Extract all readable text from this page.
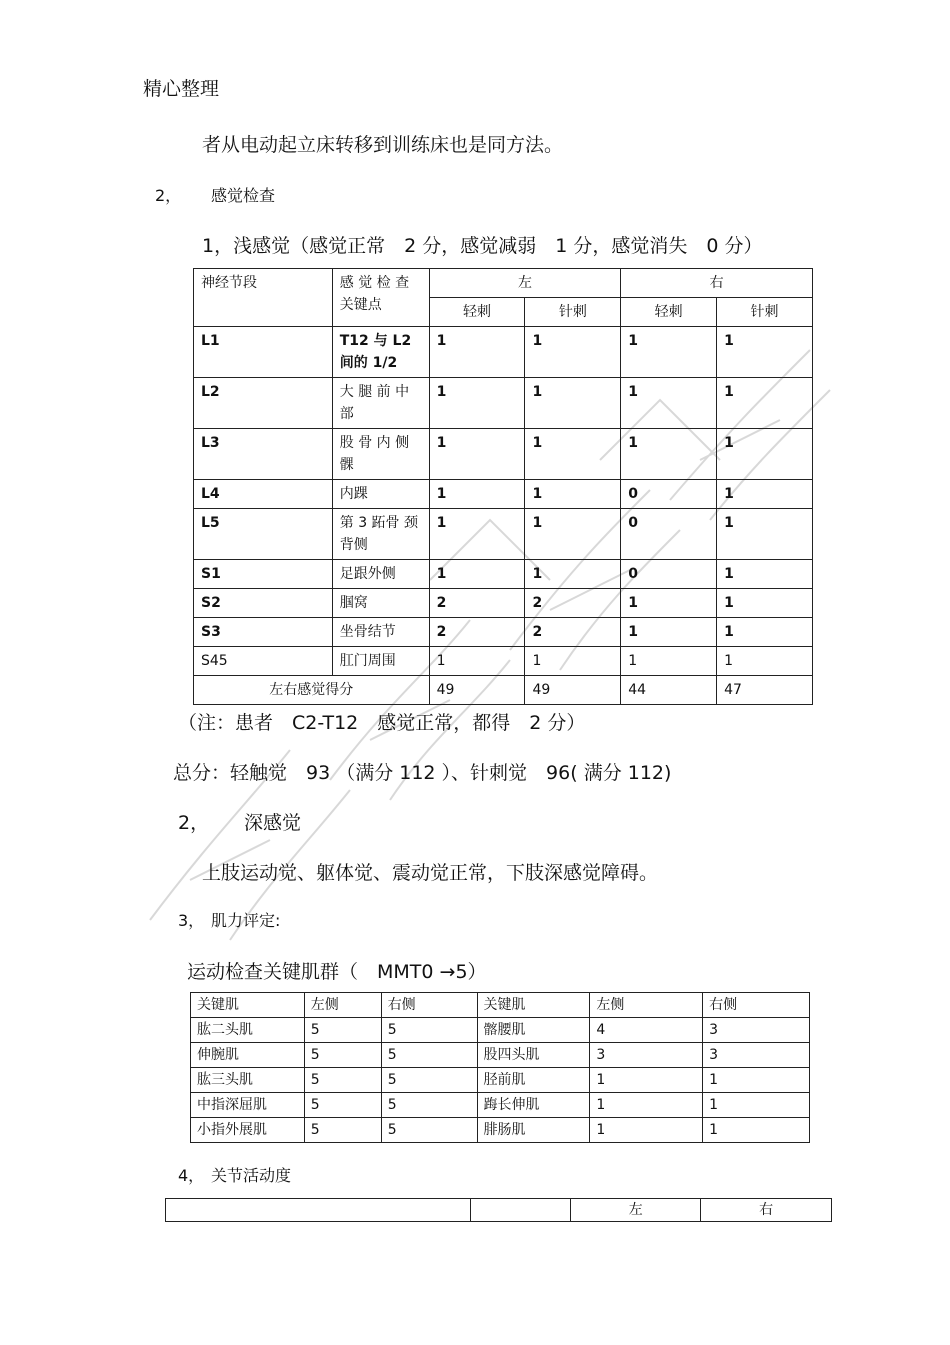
精心整理
者从电动起立床转移到训练床也是同方法。
2， 感觉检查
1，浅感觉（感觉正常　2 分，感觉减弱　1 分，感觉消失　0 分）
神经节段	感 觉 检 查 关键点	左		右	
		轻刺	针刺	轻刺	针刺
L1	T12 与 L2 间的 1/2	1	1	1	1
L2	大 腿 前 中 部	1	1	1	1
L3	股 骨 内 侧 髁	1	1	1	1
L4	内踝	1	1	0	1
L5	第 3 跖骨 颈背侧	1	1	0	1
S1	足跟外侧	1	1	0	1
S2	腘窝	2	2	1	1
S3	坐骨结节	2	2	1	1
S45	肛门周围	1	1	1	1
左右感觉得分		49	49	44	47
（注：患者　C2-T12　感觉正常，都得　2 分）
总分：轻触觉　93 （满分 112 ）、针刺觉　96( 满分 112)
2， 深感觉
上肢运动觉、躯体觉、震动觉正常，下肢深感觉障碍。
3， 肌力评定:
运动检查关键肌群（　MMT0 →5）
关键肌	左侧	右侧	关键肌	左侧	右侧
肱二头肌	5	5	髂腰肌	4	3
伸腕肌	5	5	股四头肌	3	3
肱三头肌	5	5	胫前肌	1	1
中指深屈肌	5	5	踇长伸肌	1	1
小指外展肌	5	5	腓肠肌	1	1
4， 关节活动度
		左	右
